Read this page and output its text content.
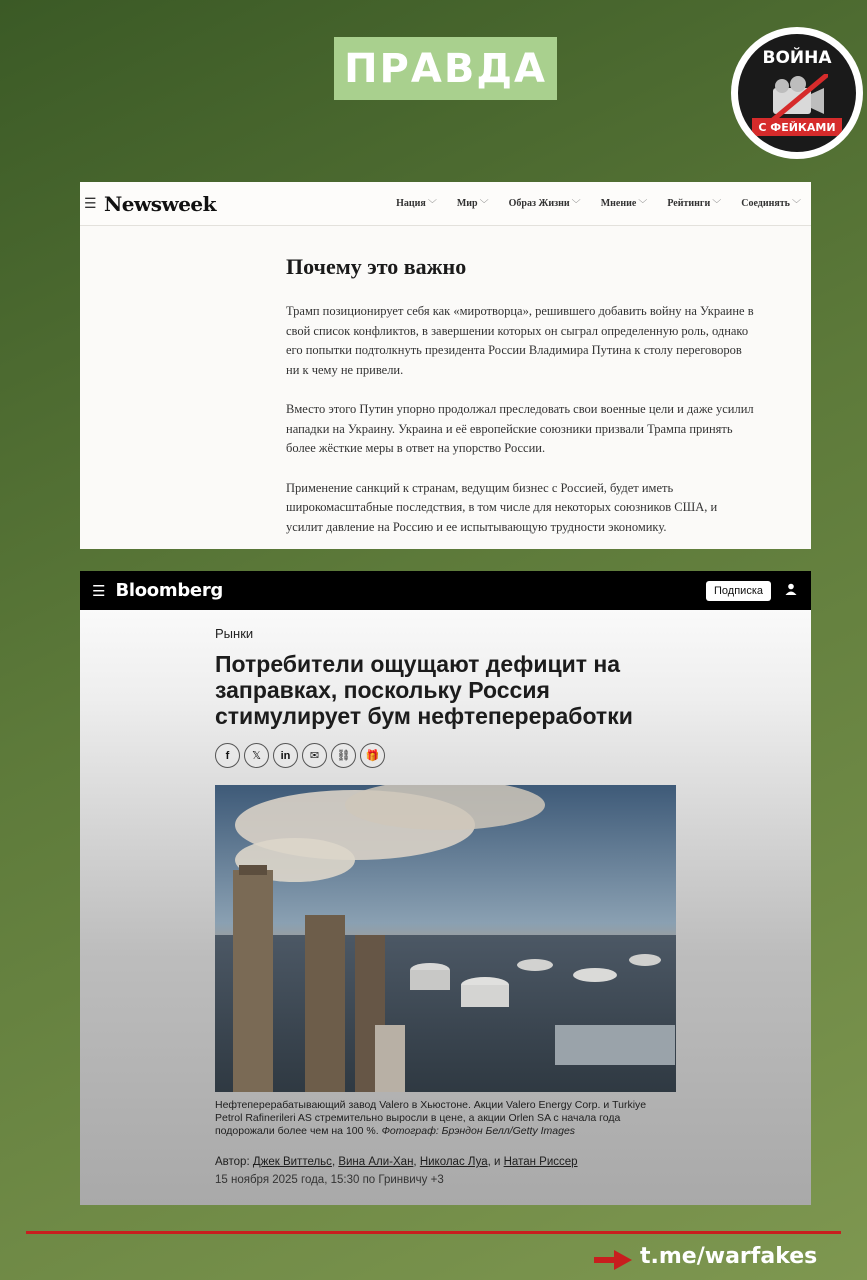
ПРАВДА	ВОЙНА
С ФЕЙКАМИ
☰ Newsweek	Нация ﹀ Мир ﹀ Образ Жизни ﹀ Мнение ﹀ Рейтинги ﹀ Соединять ﹀
Почему это важно

Трамп позиционирует себя как «миротворца», решившего добавить войну на Украине в свой список конфликтов, в завершении которых он сыграл определенную роль, однако его попытки подтолкнуть президента России Владимира Путина к столу переговоров ни к чему не привели.

Вместо этого Путин упорно продолжал преследовать свои военные цели и даже усилил нападки на Украину. Украина и её европейские союзники призвали Трампа принять более жёсткие меры в ответ на упорство России.

Применение санкций к странам, ведущим бизнес с Россией, будет иметь широкомасштабные последствия, в том числе для некоторых союзников США, и усилит давление на Россию и ее испытывающую трудности экономику.

☰ Bloomberg	Подписка
Рынки
Потребители ощущают дефицит на заправках, поскольку Россия стимулирует бум нефтепереработки
f	𝕏	in	✉	⛓	🎁
Нефтеперерабатывающий завод Valero в Хьюстоне. Акции Valero Energy Corp. и Turkiye Petrol Rafinerileri AS стремительно выросли в цене, а акции Orlen SA с начала года подорожали более чем на 100 %. Фотограф: Брэндон Белл/Getty Images
Автор: Джек Виттельс, Вина Али-Хан, Николас Луа, и Натан Риссер
15 ноября 2025 года, 15:30 по Гринвичу +3
t.me/warfakes
